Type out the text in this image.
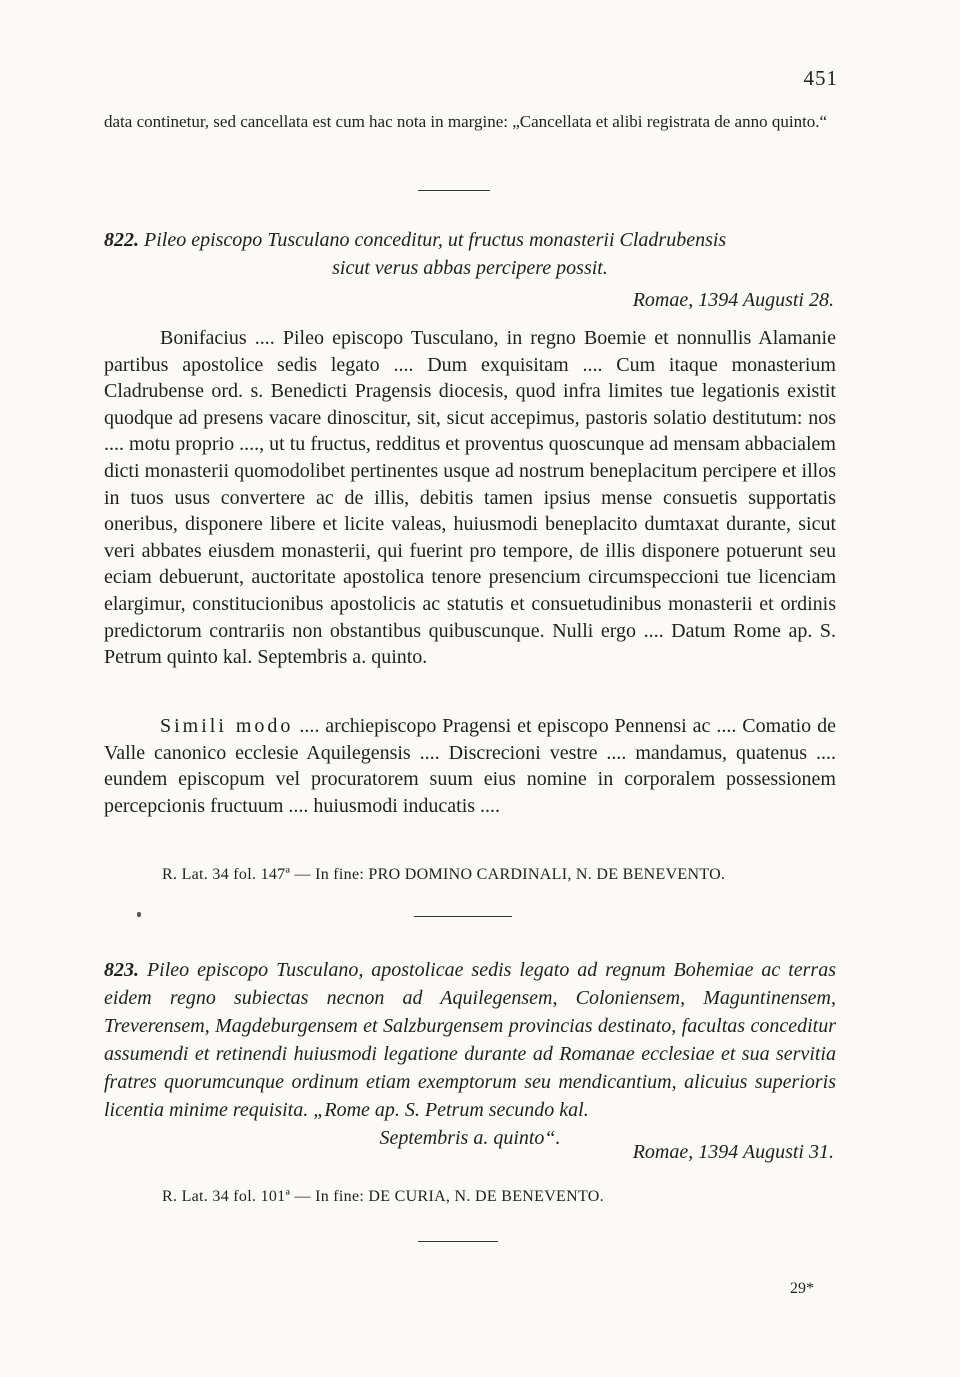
451
data continetur, sed cancellata est cum hac nota in margine: „Cancellata et alibi registrata de anno quinto.“
822. Pileo episcopo Tusculano conceditur, ut fructus monasterii Cladrubensis
sicut verus abbas percipere possit.
Romae, 1394 Augusti 28.
Bonifacius .... Pileo episcopo Tusculano, in regno Boemie et nonnullis Alamanie partibus apostolice sedis legato .... Dum exquisitam .... Cum itaque monasterium Cladrubense ord. s. Benedicti Pragensis diocesis, quod infra limites tue legationis existit quodque ad presens vacare dinoscitur, sit, sicut accepimus, pastoris solatio destitutum: nos .... motu proprio ...., ut tu fructus, redditus et proventus quoscunque ad mensam abbacialem dicti monasterii quomodolibet pertinentes usque ad nostrum beneplacitum percipere et illos in tuos usus convertere ac de illis, debitis tamen ipsius mense consuetis supportatis oneribus, disponere libere et licite valeas, huiusmodi beneplacito dumtaxat durante, sicut veri abbates eiusdem monasterii, qui fuerint pro tempore, de illis disponere potuerunt seu eciam debuerunt, auctoritate apostolica tenore presencium circumspeccioni tue licenciam elargimur, constitucionibus apostolicis ac statutis et consuetudinibus monasterii et ordinis predictorum contrariis non obstantibus quibuscunque. Nulli ergo .... Datum Rome ap. S. Petrum quinto kal. Septembris a. quinto.
Simili modo .... archiepiscopo Pragensi et episcopo Pennensi ac .... Comatio de Valle canonico ecclesie Aquilegensis .... Discrecioni vestre .... mandamus, quatenus .... eundem episcopum vel procuratorem suum eius nomine in corporalem possessionem percepcionis fructuum .... huiusmodi inducatis ....
R. Lat. 34 fol. 147ª — In fine: PRO DOMINO CARDINALI, N. DE BENEVENTO.
823. Pileo episcopo Tusculano, apostolicae sedis legato ad regnum Bohemiae ac terras eidem regno subiectas necnon ad Aquilegensem, Coloniensem, Maguntinensem, Treverensem, Magdeburgensem et Salzburgensem provincias destinato, facultas conceditur assumendi et retinendi huiusmodi legatione durante ad Romanae ecclesiae et sua servitia fratres quorumcunque ordinum etiam exemptorum seu mendicantium, alicuius superioris licentia minime requisita. „Rome ap. S. Petrum secundo kal.
Septembris a. quinto“.
Romae, 1394 Augusti 31.
R. Lat. 34 fol. 101ª — In fine: DE CURIA, N. DE BENEVENTO.
29*
